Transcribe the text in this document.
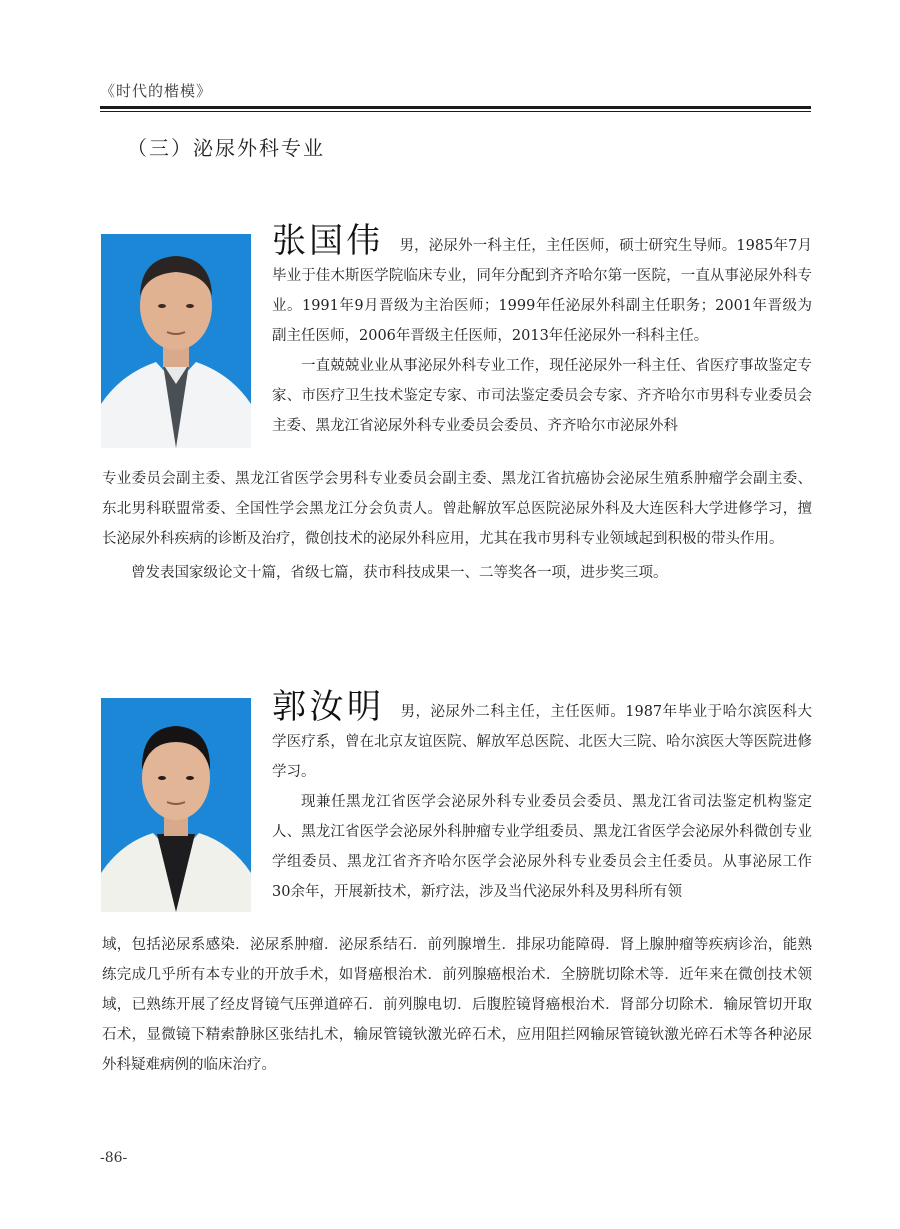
《时代的楷模》
（三）泌尿外科专业

张国伟 男，泌尿外一科主任，主任医师，硕士研究生导师。1985年7月毕业于佳木斯医学院临床专业，同年分配到齐齐哈尔第一医院，一直从事泌尿外科专业。1991年9月晋级为主治医师；1999年任泌尿外科副主任职务；2001年晋级为副主任医师，2006年晋级主任医师，2013年任泌尿外一科科主任。

一直兢兢业业从事泌尿外科专业工作，现任泌尿外一科主任、省医疗事故鉴定专家、市医疗卫生技术鉴定专家、市司法鉴定委员会专家、齐齐哈尔市男科专业委员会主委、黑龙江省泌尿外科专业委员会委员、齐齐哈尔市泌尿外科

专业委员会副主委、黑龙江省医学会男科专业委员会副主委、黑龙江省抗癌协会泌尿生殖系肿瘤学会副主委、东北男科联盟常委、全国性学会黑龙江分会负责人。曾赴解放军总医院泌尿外科及大连医科大学进修学习，擅长泌尿外科疾病的诊断及治疗，微创技术的泌尿外科应用，尤其在我市男科专业领域起到积极的带头作用。

曾发表国家级论文十篇，省级七篇，获市科技成果一、二等奖各一项，进步奖三项。

郭汝明 男，泌尿外二科主任，主任医师。1987年毕业于哈尔滨医科大学医疗系，曾在北京友谊医院、解放军总医院、北医大三院、哈尔滨医大等医院进修学习。

现兼任黑龙江省医学会泌尿外科专业委员会委员、黑龙江省司法鉴定机构鉴定人、黑龙江省医学会泌尿外科肿瘤专业学组委员、黑龙江省医学会泌尿外科微创专业学组委员、黑龙江省齐齐哈尔医学会泌尿外科专业委员会主任委员。从事泌尿工作30余年，开展新技术，新疗法，涉及当代泌尿外科及男科所有领

域，包括泌尿系感染．泌尿系肿瘤．泌尿系结石．前列腺增生．排尿功能障碍．肾上腺肿瘤等疾病诊治，能熟练完成几乎所有本专业的开放手术，如肾癌根治术．前列腺癌根治术．全膀胱切除术等．近年来在微创技术领域，已熟练开展了经皮肾镜气压弹道碎石．前列腺电切．后腹腔镜肾癌根治术．肾部分切除术．输尿管切开取石术，显微镜下精索静脉区张结扎术，输尿管镜钬激光碎石术，应用阻拦网输尿管镜钬激光碎石术等各种泌尿外科疑难病例的临床治疗。

-86-
